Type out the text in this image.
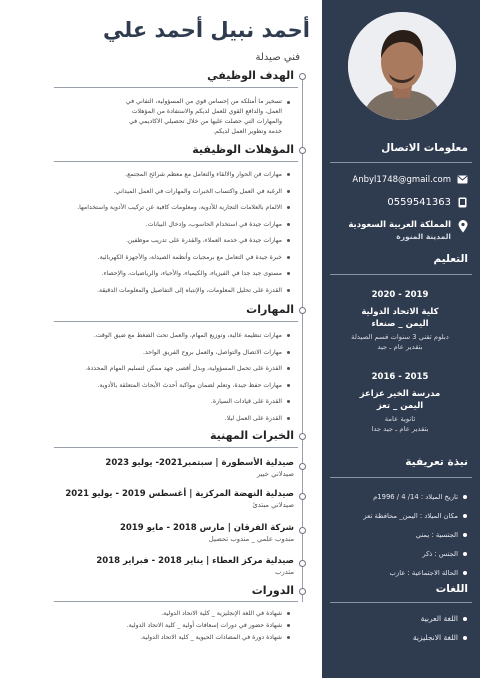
معلومات الاتصال
Anbyl1748@gmail.com
0559541363
المملكة العربية السعودية
المدينة المنورة
التعليم
2020 - 2019
كلية الاتحاد الدولية
اليمن _ صنعاء
دبلوم تقني 3 سنوات قسم الصيدلة
بتقدير عام ـ جيد
2016 - 2015
مدرسة الخير عزاعز
اليمن _ تعز
ثانوية عامة
بتقدير عام ـ جيد جدا
نبذة تعريفية
تاريخ الميلاد : 14/ 4 / 1996م
مكان الميلاد : اليمن_ محافظة تعز
الجنسية : يمني
الجنس : ذكر
الحالة الاجتماعية : عازب
اللغات
اللغة العربية
اللغة الانجليزية
أحمد نبيل أحمد علي
فني صيدلة
الهدف الوظيفي
تسخير ما أمتلكه من إحساس قوي من المسؤولية، التفاني في العمل، والدافع القوي للعمل لديكم والاستفادة من المؤهلات والمهارات التي حصلت عليها من خلال تحصيلي الاكاديمي في خدمة وتطوير العمل لديكم.
المؤهلات الوظيفية
مهارات فن الحوار والالقاء والتعامل مع معظم شرائح المجتمع.
الرغبة في العمل واكتساب الخبرات والمهارات في العمل الميداني.
الالمام بالعلامات التجارية للأدوية، ومعلومات كافية عن تركيب الأدوية واستخدامها.
مهارات جيدة في استخدام الحاسوب، وإدخال البيانات.
مهارات جيدة في خدمة العملاء، والقدرة على تدريب موظفين.
خبرة جيدة في التعامل مع برمجيات وأنظمة الصيدلة، والأجهزة الكهربائية.
مستوى جيد جدا في الفيزياء، والكيمياء، والأحياء، والرياضيات، والإحصاء.
القدرة على تحليل المعلومات، والإنتباه إلى التفاصيل والمعلومات الدقيقة.
المهارات
مهارات تنظيمة عالية، وتوزيع المهام، والعمل تحت الضغط مع ضيق الوقت.
مهارات الاتصال والتواصل، والعمل بروح الفريق الواحد.
القدرة على تحمل المسؤولية، وبذل أقصى جهد ممكن لتسليم المهام المحددة.
مهارات حفظ جيدة، وتعلم لضمان مواكبة أحدث الأبحاث المتعلقة بالأدوية.
القدرة على قيادات السيارة.
القدرة على العمل ليلا.
الخبرات المهنية
صيدلية الأسطورة | سبتمبر2021- يوليو 2023
صيدلاني خبير
صيدلية النهضة المركزية | أغسطس 2019 - يوليو 2021
صيدلاني مبتدئ
شركة الفرقان | مارس 2018 - مايو 2019
مندوب علمي _ مندوب تحصيل
صيدلية مركز العطاء | يناير 2018 - فبراير 2018
متدرب
الدورات
شهادة في اللغة الإنجليزية _ كلية الاتحاد الدولية.
شهادة حضور في دورات إسعافات أولية _ كلية الاتحاد الدولية.
شهادة دورة في المضادات الحيوية _ كلية الاتحاد الدولية.
